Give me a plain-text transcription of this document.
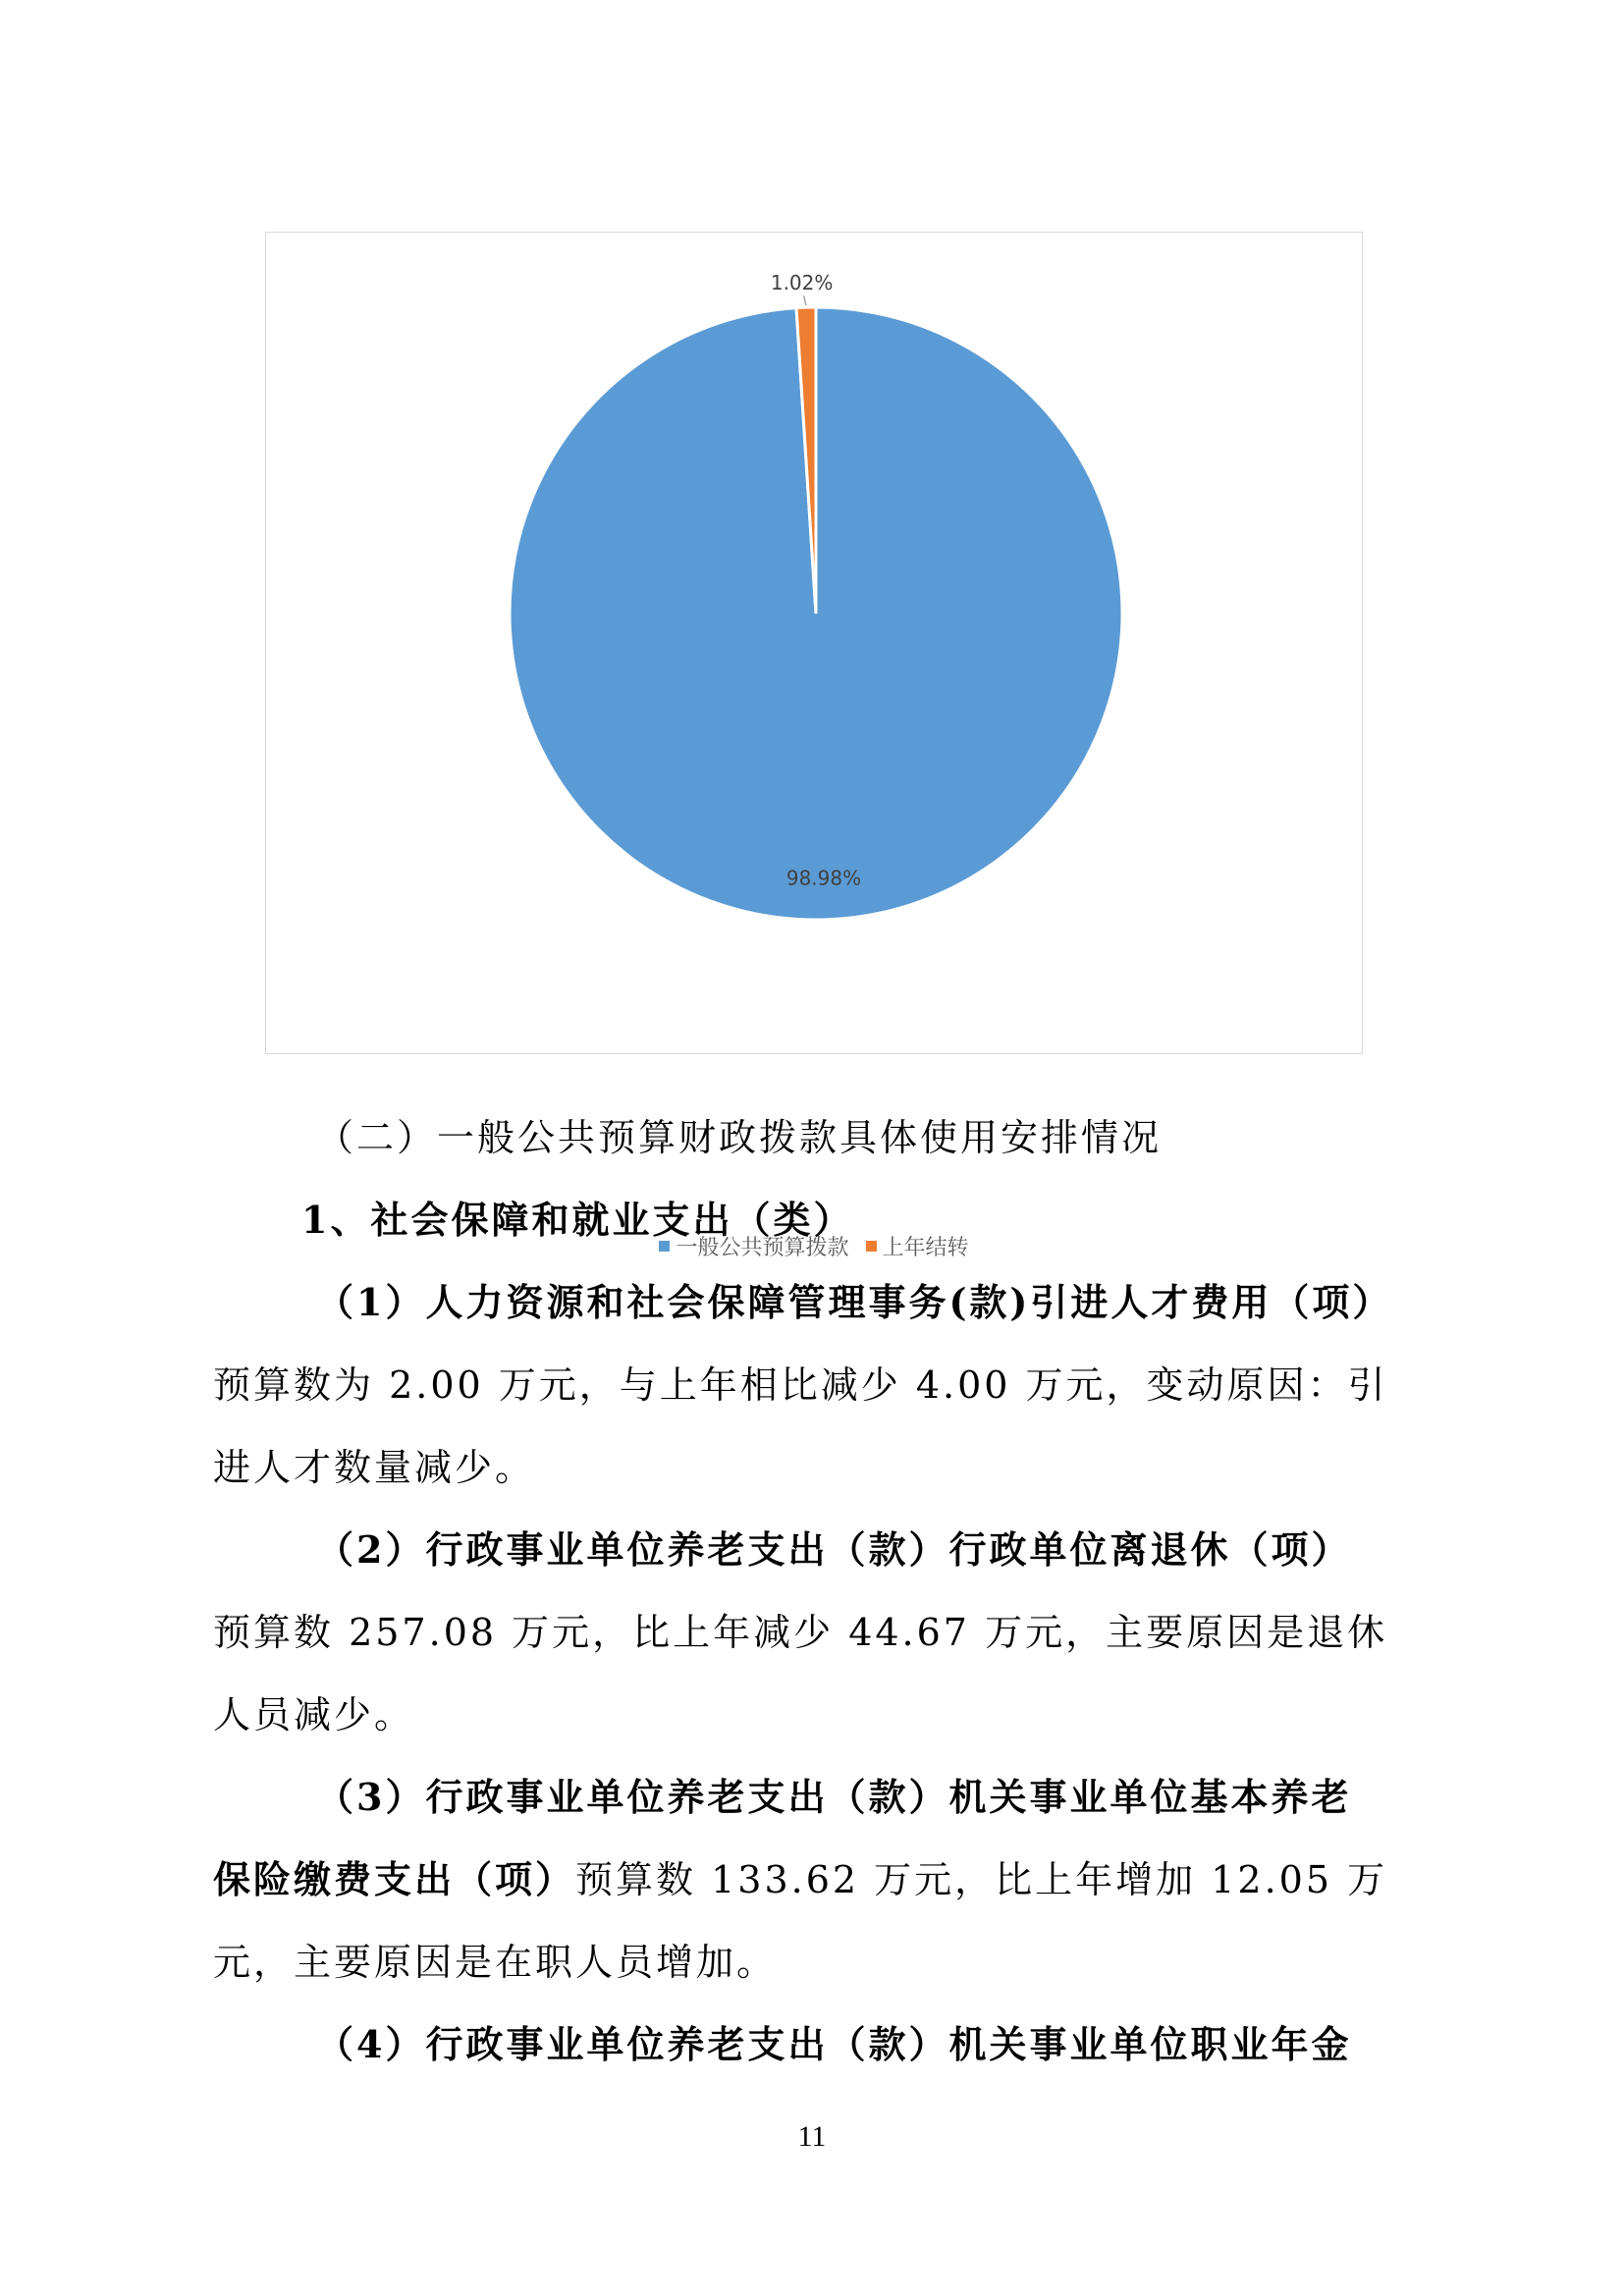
98.98%
1.02%
一般公共预算拨款
上年结转
（二）一般公共预算财政拨款具体使用安排情况
1、社会保障和就业支出（类）
（1）人力资源和社会保障管理事务(款)引进人才费用（项）
预算数为 2.00 万元，与上年相比减少 4.00 万元，变动原因：引
进人才数量减少。
（2）行政事业单位养老支出（款）行政单位离退休（项）
预算数 257.08 万元，比上年减少 44.67 万元，主要原因是退休
人员减少。
（3）行政事业单位养老支出（款）机关事业单位基本养老
保险缴费支出（项）预算数 133.62 万元，比上年增加 12.05 万
元，主要原因是在职人员增加。
（4）行政事业单位养老支出（款）机关事业单位职业年金
11
